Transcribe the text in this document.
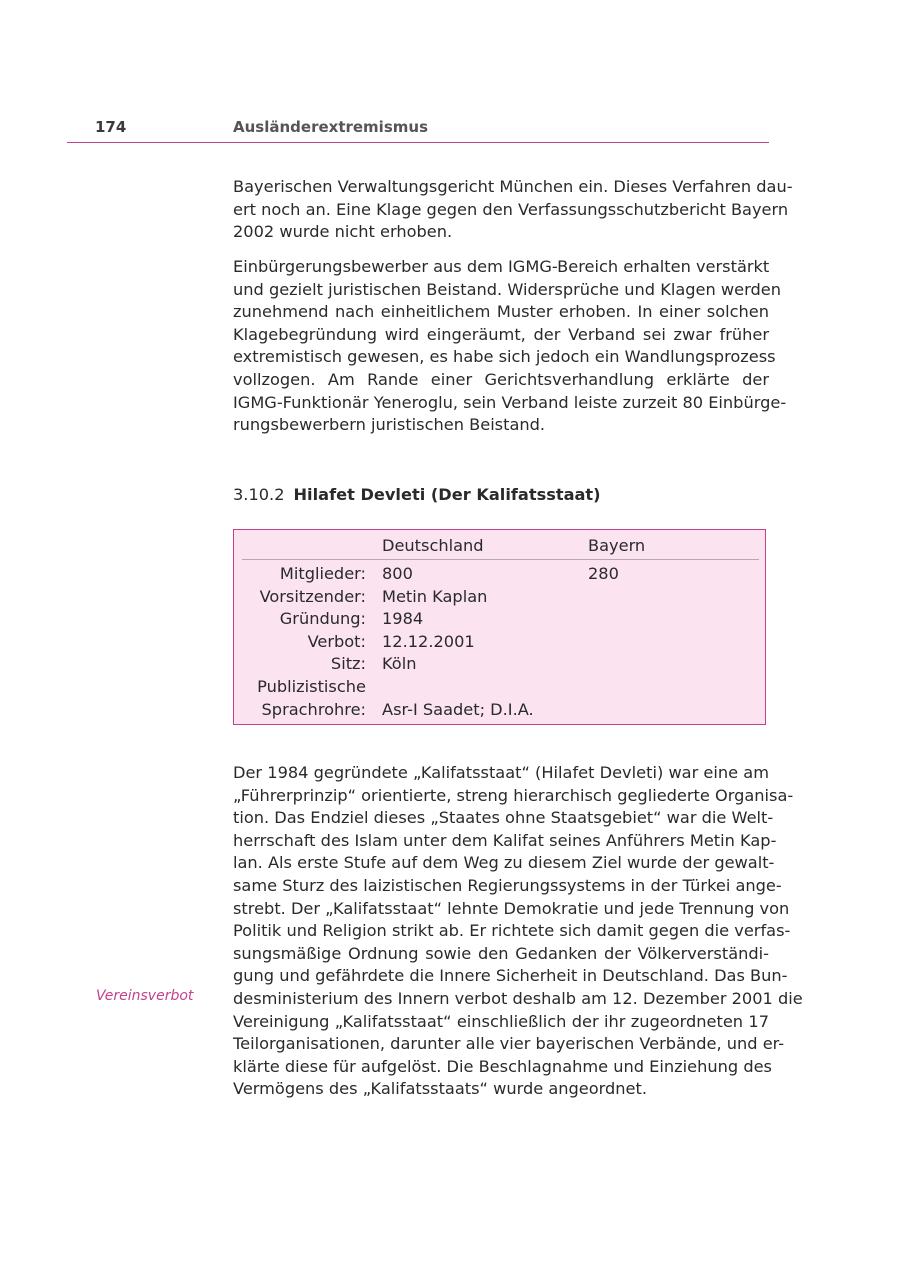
174	Ausländerextremismus
Bayerischen Verwaltungsgericht München ein. Dieses Verfahren dau-
ert noch an. Eine Klage gegen den Verfassungsschutzbericht Bayern
2002 wurde nicht erhoben.
Einbürgerungsbewerber aus dem IGMG-Bereich erhalten verstärkt
und gezielt juristischen Beistand. Widersprüche und Klagen werden
zunehmend nach einheitlichem Muster erhoben. In einer solchen
Klagebegründung wird eingeräumt, der Verband sei zwar früher
extremistisch gewesen, es habe sich jedoch ein Wandlungsprozess
vollzogen. Am Rande einer Gerichtsverhandlung erklärte der
IGMG-Funktionär Yeneroglu, sein Verband leiste zurzeit 80 Einbürge-
rungsbewerbern juristischen Beistand.
3.10.2 Hilafet Devleti (Der Kalifatsstaat)
Deutschland	Bayern
Mitglieder: 800	280
Vorsitzender: Metin Kaplan
Gründung: 1984
Verbot: 12.12.2001
Sitz: Köln
Publizistische
Sprachrohre: Asr-I Saadet; D.I.A.
Der 1984 gegründete „Kalifatsstaat“ (Hilafet Devleti) war eine am
„Führerprinzip“ orientierte, streng hierarchisch gegliederte Organisa-
tion. Das Endziel dieses „Staates ohne Staatsgebiet“ war die Welt-
herrschaft des Islam unter dem Kalifat seines Anführers Metin Kap-
lan. Als erste Stufe auf dem Weg zu diesem Ziel wurde der gewalt-
same Sturz des laizistischen Regierungssystems in der Türkei ange-
strebt. Der „Kalifatsstaat“ lehnte Demokratie und jede Trennung von
Politik und Religion strikt ab. Er richtete sich damit gegen die verfas-
sungsmäßige Ordnung sowie den Gedanken der Völkerverständi-
gung und gefährdete die Innere Sicherheit in Deutschland. Das Bun-
desministerium des Innern verbot deshalb am 12. Dezember 2001 die
Vereinigung „Kalifatsstaat“ einschließlich der ihr zugeordneten 17
Teilorganisationen, darunter alle vier bayerischen Verbände, und er-
klärte diese für aufgelöst. Die Beschlagnahme und Einziehung des
Vermögens des „Kalifatsstaats“ wurde angeordnet.
Vereinsverbot
